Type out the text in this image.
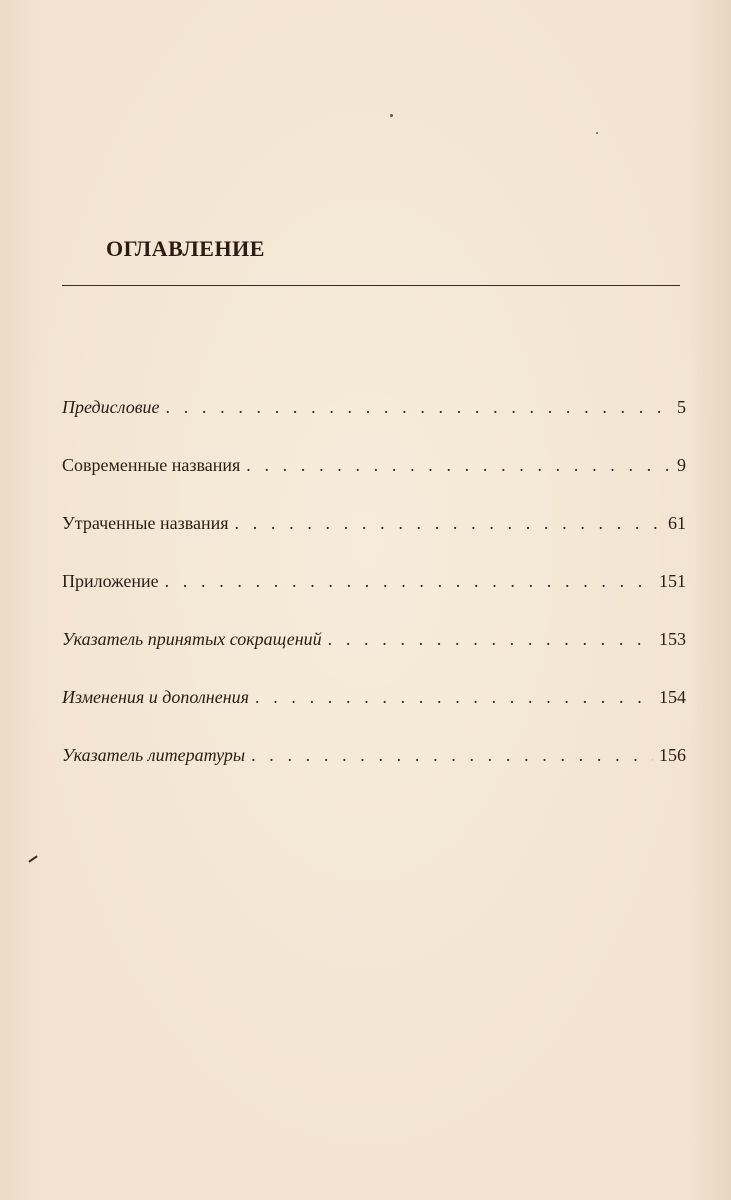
ОГЛАВЛЕНИЕ
Предисловие . . .	5
Современные названия . . .	9
Утраченные названия . . .	61
Приложение . . .	151
Указатель принятых сокращений . . .	153
Изменения и дополнения . . .	154
Указатель литературы . . .	156
